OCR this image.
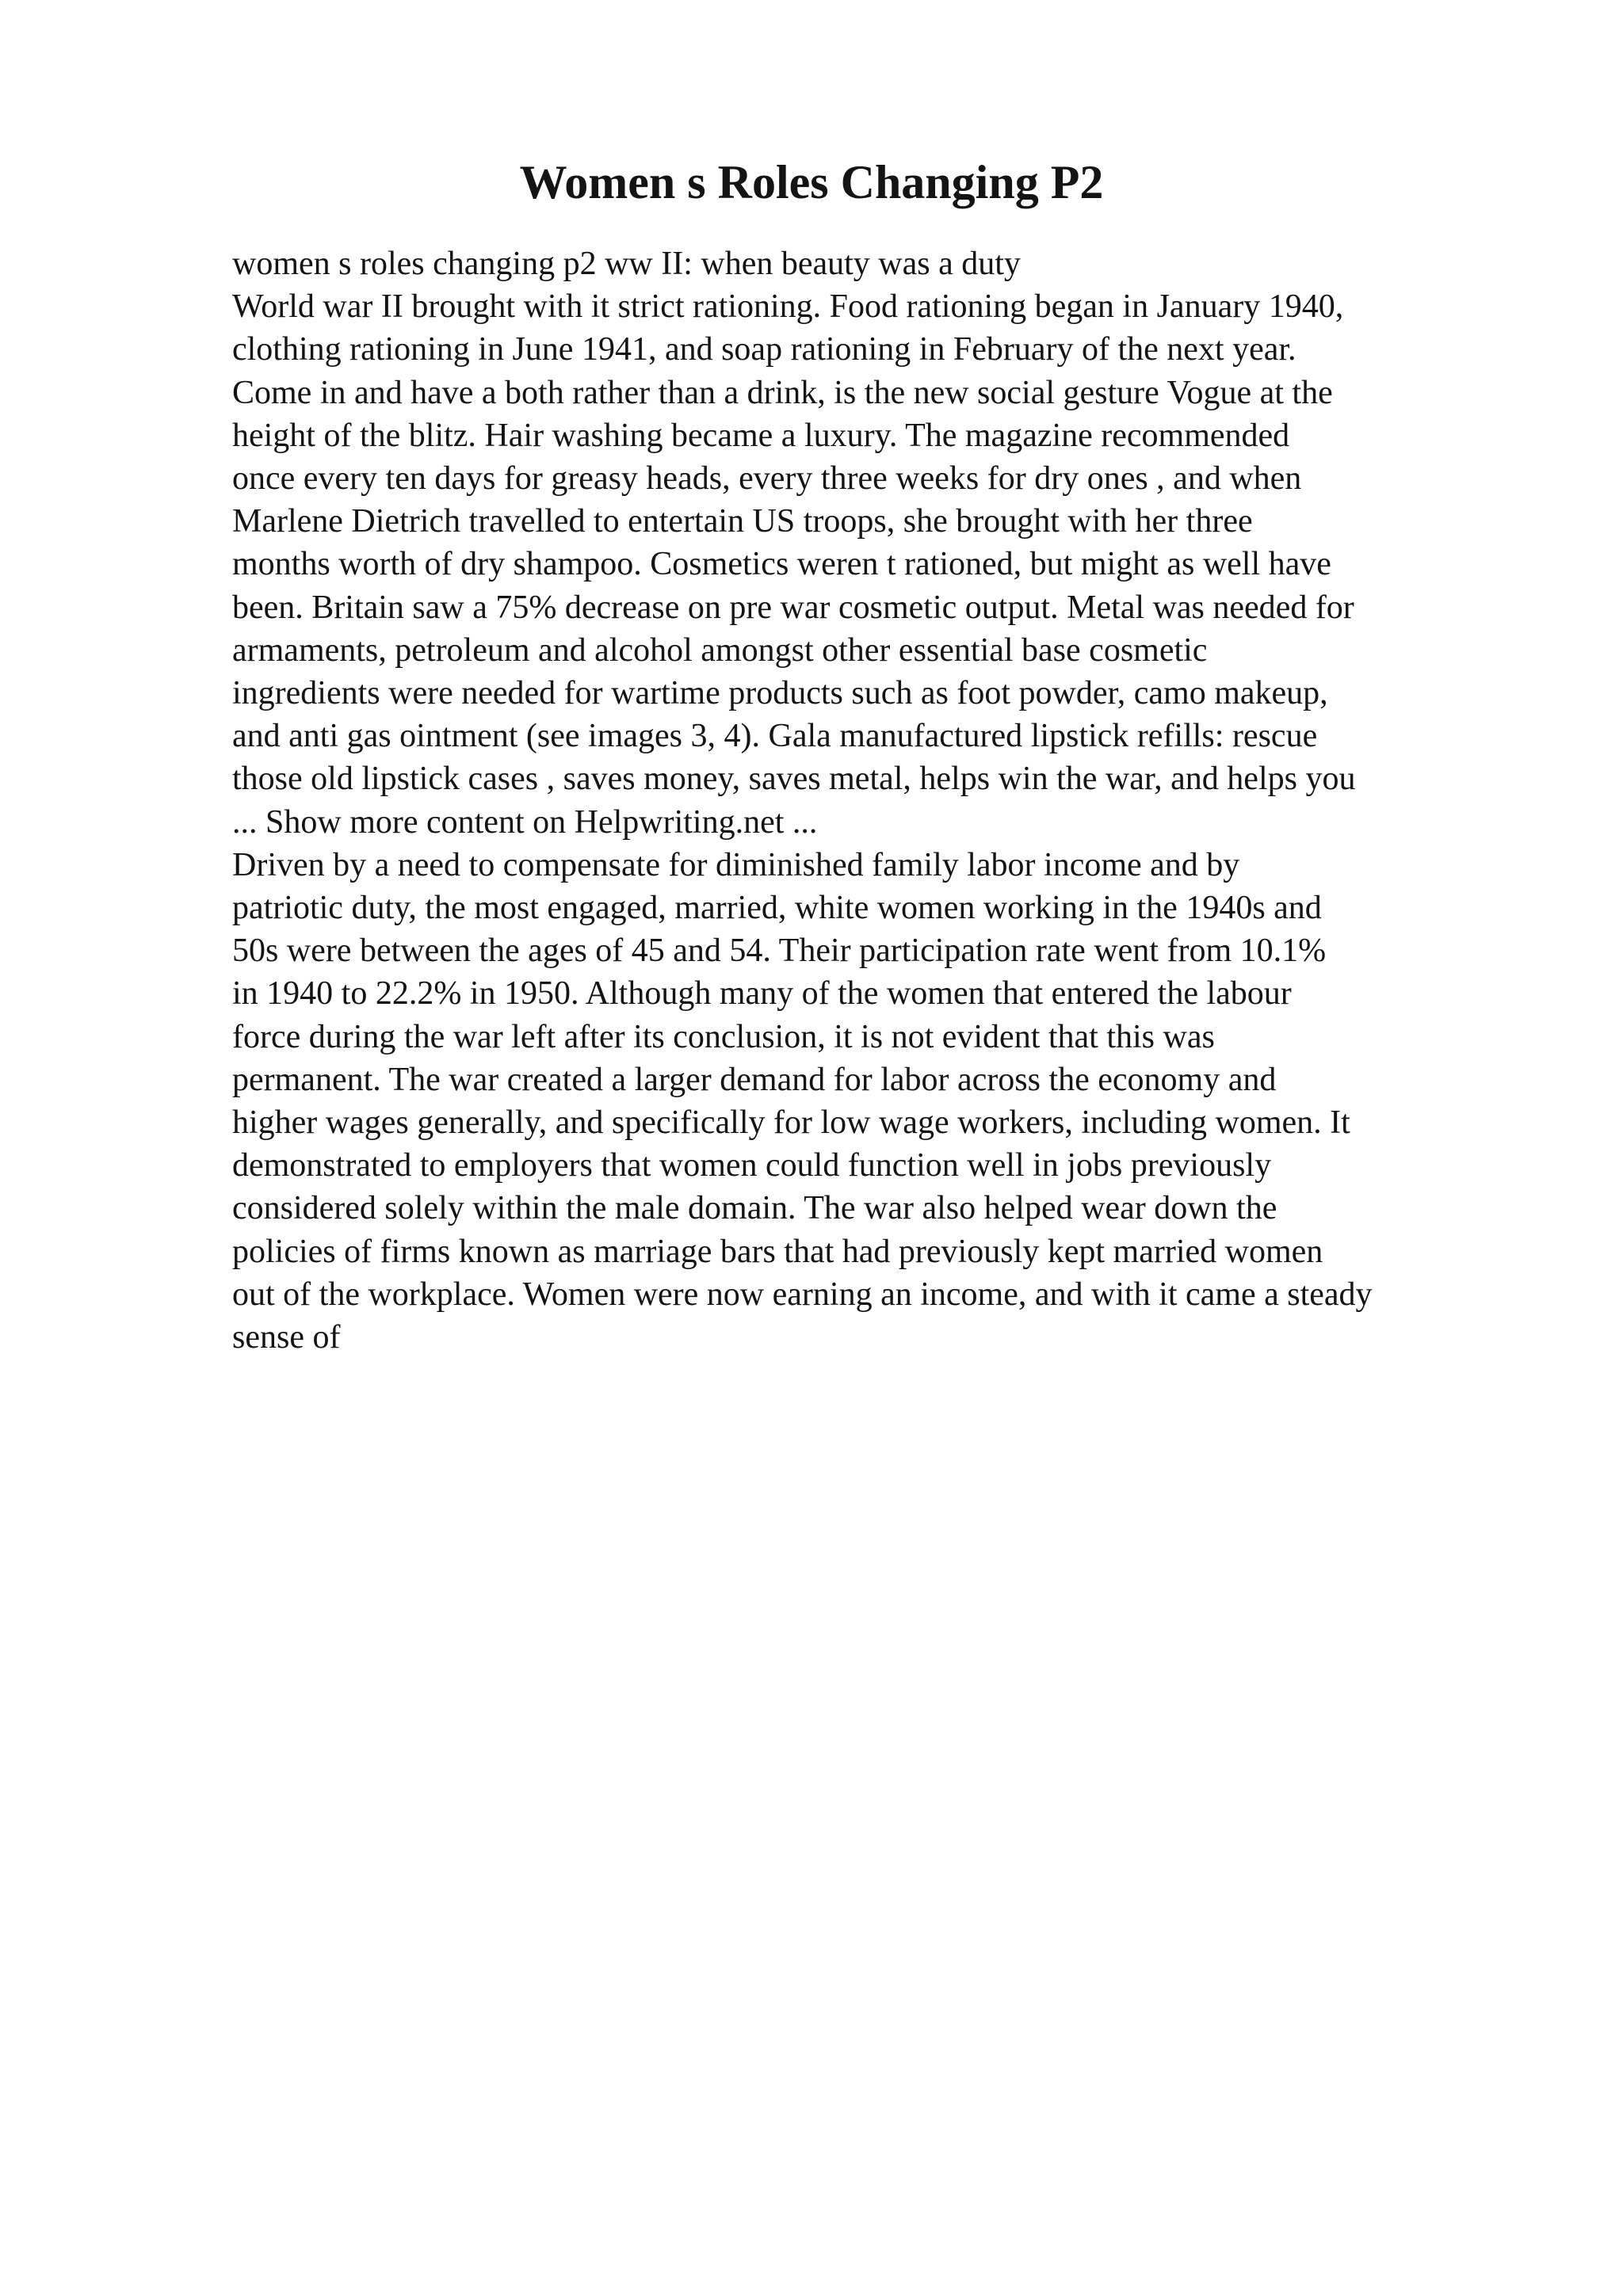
Women s Roles Changing P2
women s roles changing p2 ww II: when beauty was a duty
World war II brought with it strict rationing. Food rationing began in January 1940,
clothing rationing in June 1941, and soap rationing in February of the next year.
Come in and have a both rather than a drink, is the new social gesture Vogue at the
height of the blitz. Hair washing became a luxury. The magazine recommended
once every ten days for greasy heads, every three weeks for dry ones , and when
Marlene Dietrich travelled to entertain US troops, she brought with her three
months worth of dry shampoo. Cosmetics weren t rationed, but might as well have
been. Britain saw a 75% decrease on pre war cosmetic output. Metal was needed for
armaments, petroleum and alcohol amongst other essential base cosmetic
ingredients were needed for wartime products such as foot powder, camo makeup,
and anti gas ointment (see images 3, 4). Gala manufactured lipstick refills: rescue
those old lipstick cases , saves money, saves metal, helps win the war, and helps you
... Show more content on Helpwriting.net ...
Driven by a need to compensate for diminished family labor income and by
patriotic duty, the most engaged, married, white women working in the 1940s and
50s were between the ages of 45 and 54. Their participation rate went from 10.1%
in 1940 to 22.2% in 1950. Although many of the women that entered the labour
force during the war left after its conclusion, it is not evident that this was
permanent. The war created a larger demand for labor across the economy and
higher wages generally, and specifically for low wage workers, including women. It
demonstrated to employers that women could function well in jobs previously
considered solely within the male domain. The war also helped wear down the
policies of firms known as marriage bars that had previously kept married women
out of the workplace. Women were now earning an income, and with it came a steady
sense of
